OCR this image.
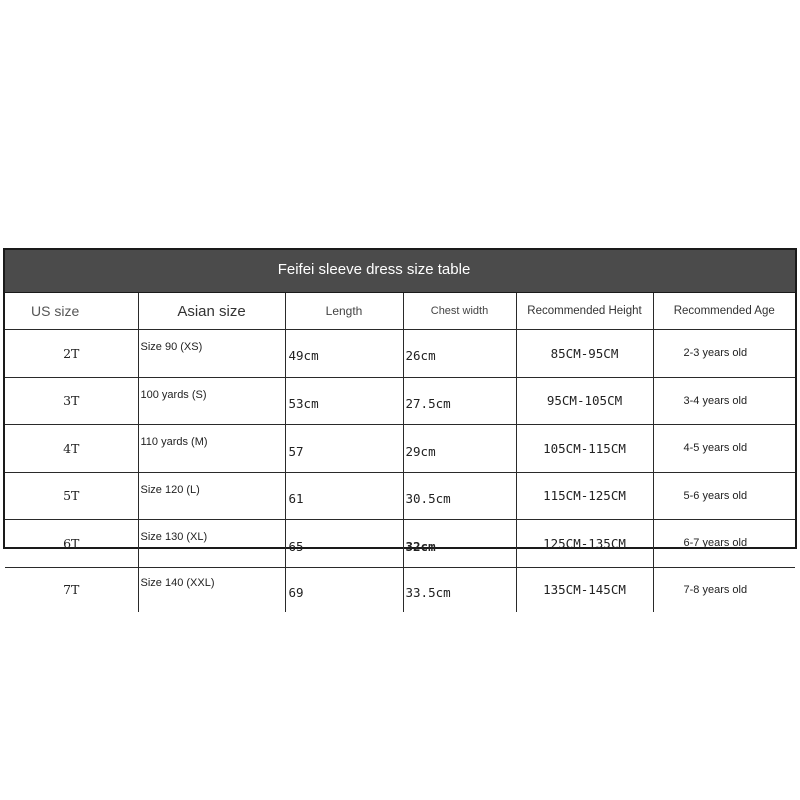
Feifei sleeve dress size table
US size	Asian size	Length	Chest width	Recommended Height	Recommended Age
2T	Size 90 (XS)	49cm	26cm	85CM-95CM	2-3 years old
3T	100 yards (S)	53cm	27.5cm	95CM-105CM	3-4 years old
4T	110 yards (M)	57	29cm	105CM-115CM	4-5 years old
5T	Size 120 (L)	61	30.5cm	115CM-125CM	5-6 years old
6T	Size 130 (XL)	65	32cm	125CM-135CM	6-7 years old
7T	Size 140 (XXL)	69	33.5cm	135CM-145CM	7-8 years old
